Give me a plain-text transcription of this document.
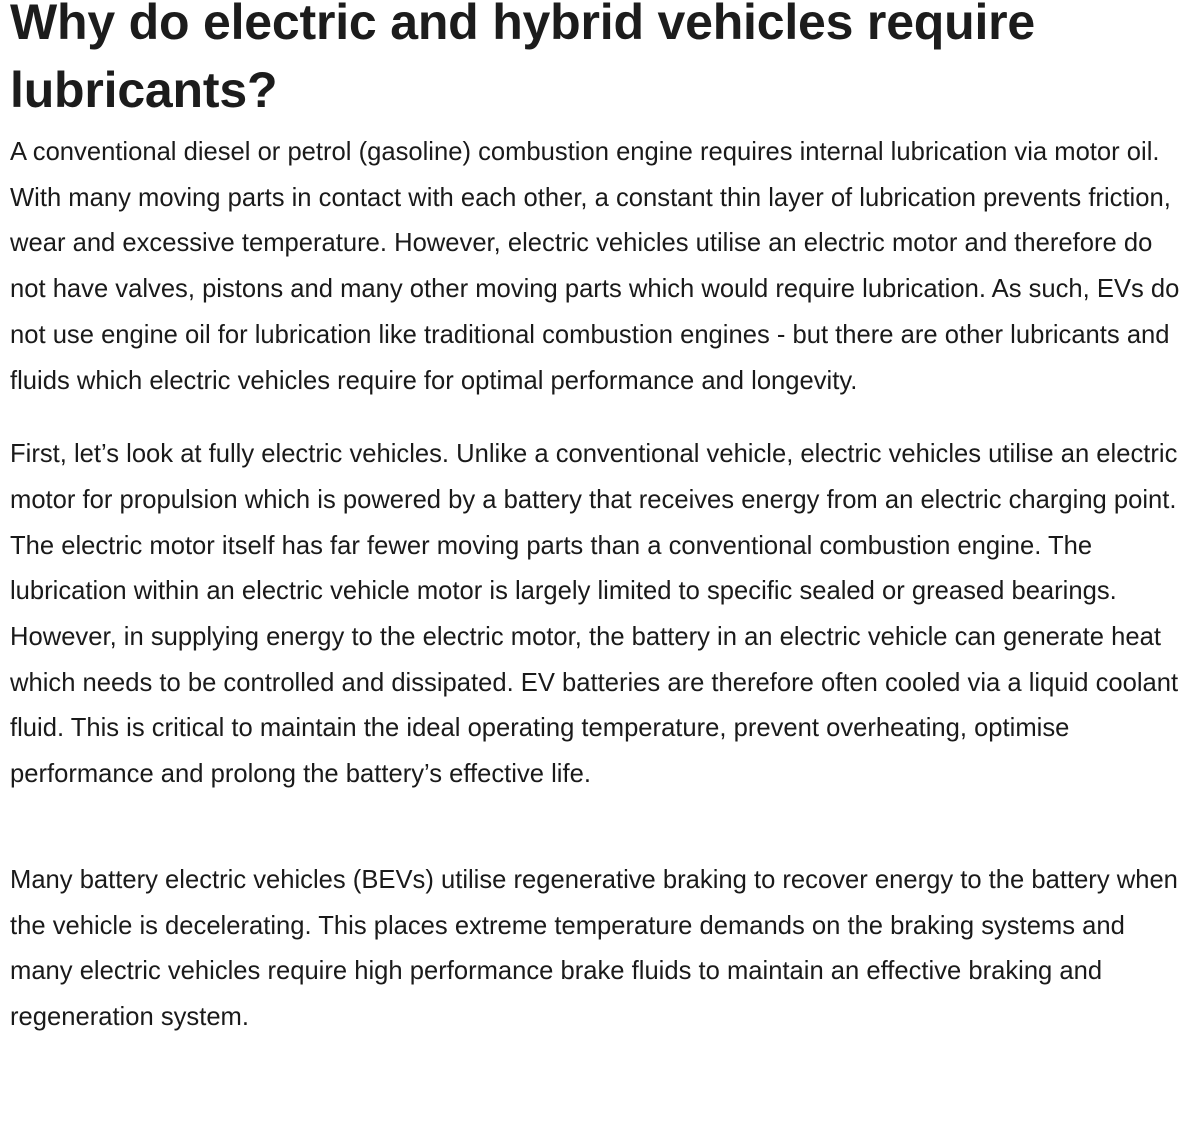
Why do electric and hybrid vehicles require lubricants?

A conventional diesel or petrol (gasoline) combustion engine requires internal lubrication via motor oil. With many moving parts in contact with each other, a constant thin layer of lubrication prevents friction, wear and excessive temperature. However, electric vehicles utilise an electric motor and therefore do not have valves, pistons and many other moving parts which would require lubrication. As such, EVs do not use engine oil for lubrication like traditional combustion engines - but there are other lubricants and fluids which electric vehicles require for optimal performance and longevity.

First, let’s look at fully electric vehicles. Unlike a conventional vehicle, electric vehicles utilise an electric motor for propulsion which is powered by a battery that receives energy from an electric charging point. The electric motor itself has far fewer moving parts than a conventional combustion engine. The lubrication within an electric vehicle motor is largely limited to specific sealed or greased bearings. However, in supplying energy to the electric motor, the battery in an electric vehicle can generate heat which needs to be controlled and dissipated. EV batteries are therefore often cooled via a liquid coolant fluid. This is critical to maintain the ideal operating temperature, prevent overheating, optimise performance and prolong the battery’s effective life.

Many battery electric vehicles (BEVs) utilise regenerative braking to recover energy to the battery when the vehicle is decelerating. This places extreme temperature demands on the braking systems and many electric vehicles require high performance brake fluids to maintain an effective braking and regeneration system.
